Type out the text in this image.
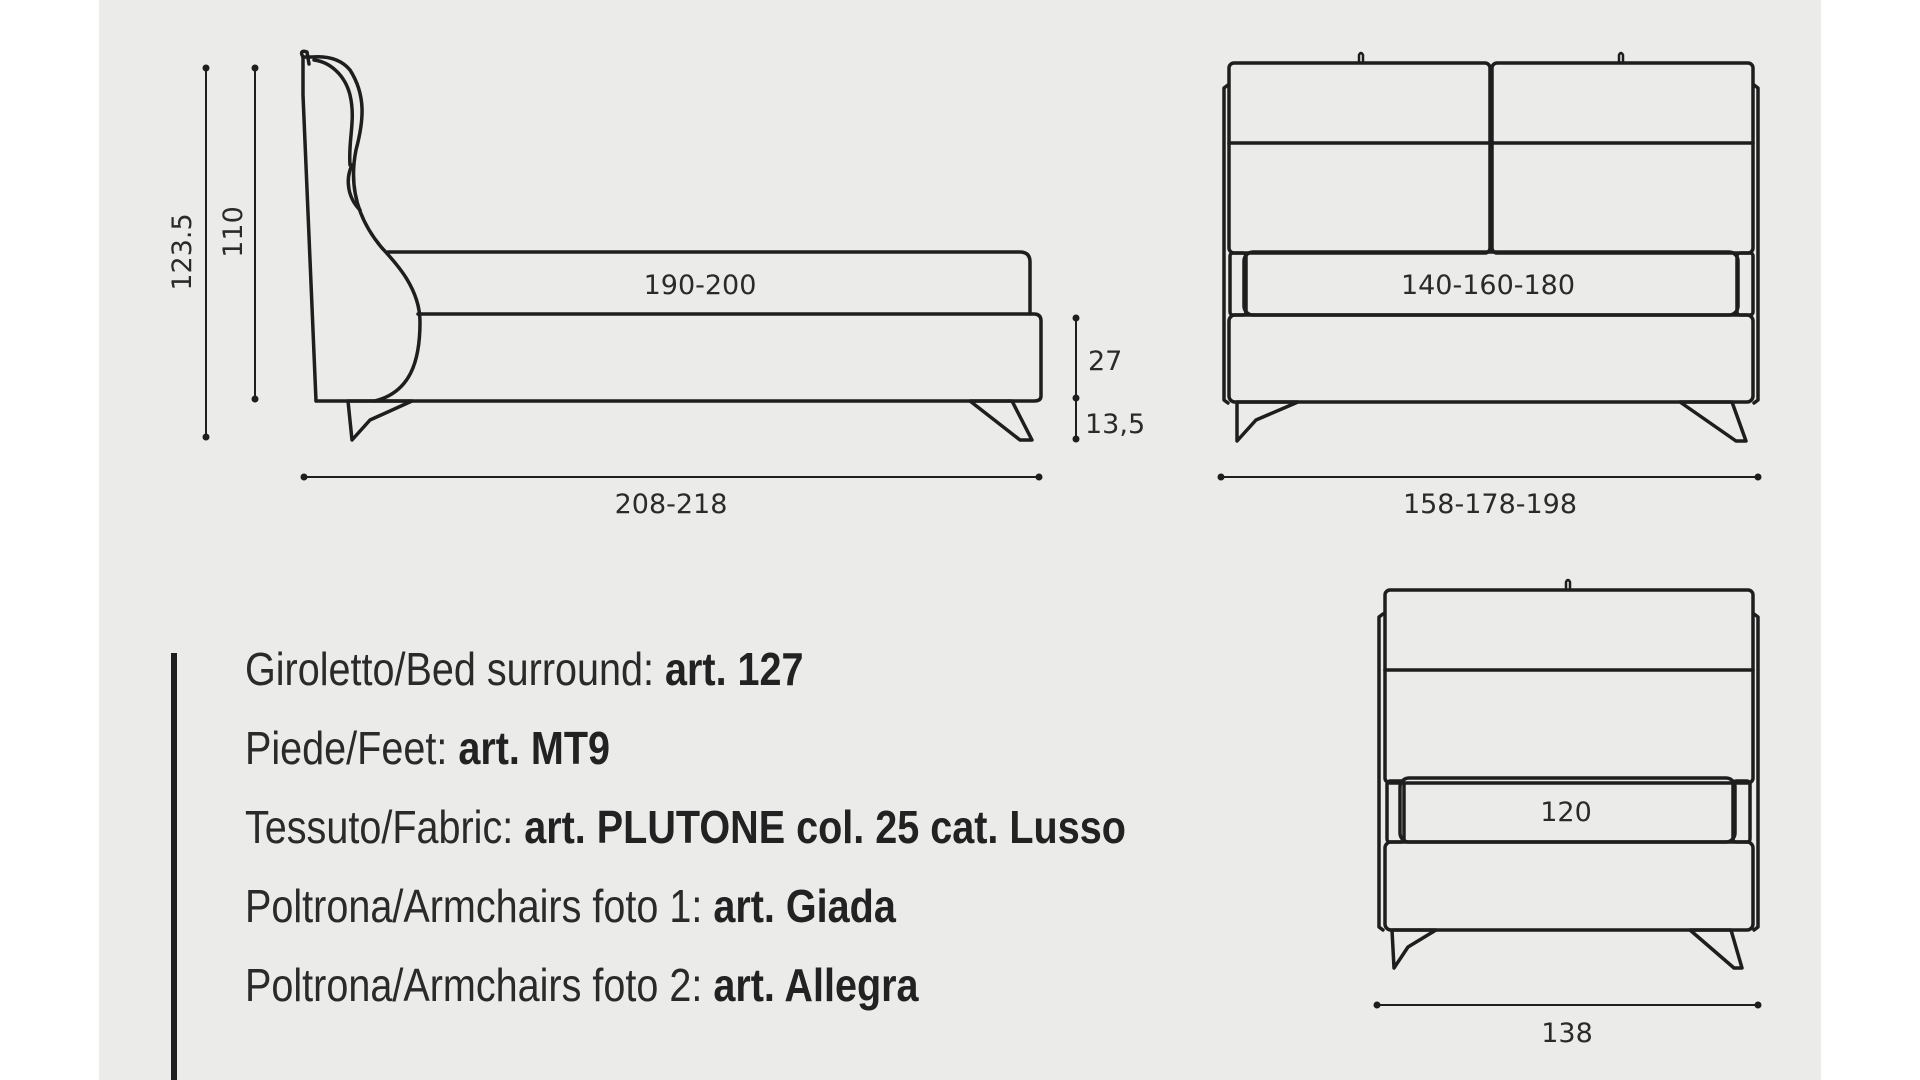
123.5 110
190-200
27
13,5
208-218
140-160-180
158-178-198
120
138
Giroletto/Bed surround: art. 127
Piede/Feet: art. MT9
Tessuto/Fabric: art. PLUTONE col. 25 cat. Lusso
Poltrona/Armchairs foto 1: art. Giada
Poltrona/Armchairs foto 2: art. Allegra
